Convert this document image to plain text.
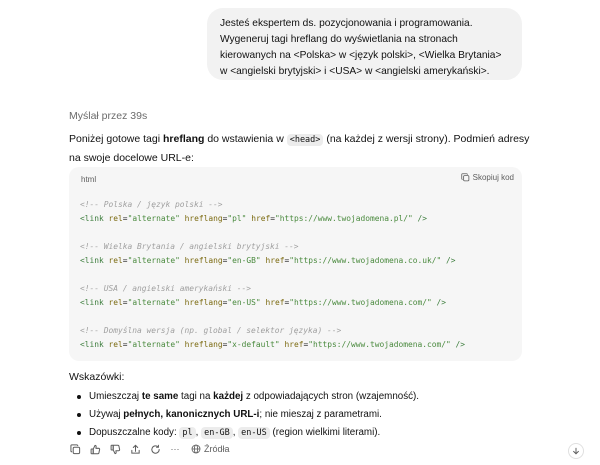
Jesteś ekspertem ds. pozycjonowania i programowania. Wygeneruj tagi hreflang do wyświetlania na stronach kierowanych na <Polska> w <język polski>, <Wielka Brytania> w <angielski brytyjski> i <USA> w <angielski amerykański>.
Myślał przez 39s
Poniżej gotowe tagi hreflang do wstawienia w <head> (na każdej z wersji strony). Podmień adresy na swoje docelowe URL-e:
html	Skopiuj kod
<!-- Polska / język polski -->
<link rel="alternate" hreflang="pl" href="https://www.twojadomena.pl/" />

<!-- Wielka Brytania / angielski brytyjski -->
<link rel="alternate" hreflang="en-GB" href="https://www.twojadomena.co.uk/" />

<!-- USA / angielski amerykański -->
<link rel="alternate" hreflang="en-US" href="https://www.twojadomena.com/" />

<!-- Domyślna wersja (np. global / selektor języka) -->
<link rel="alternate" hreflang="x-default" href="https://www.twojadomena.com/" />
Wskazówki:
Umieszczaj te same tagi na każdej z odpowiadających stron (wzajemność).
Używaj pełnych, kanonicznych URL-i; nie mieszaj z parametrami.
Dopuszczalne kody: pl , en-GB , en-US (region wielkimi literami).
···	Źródła
